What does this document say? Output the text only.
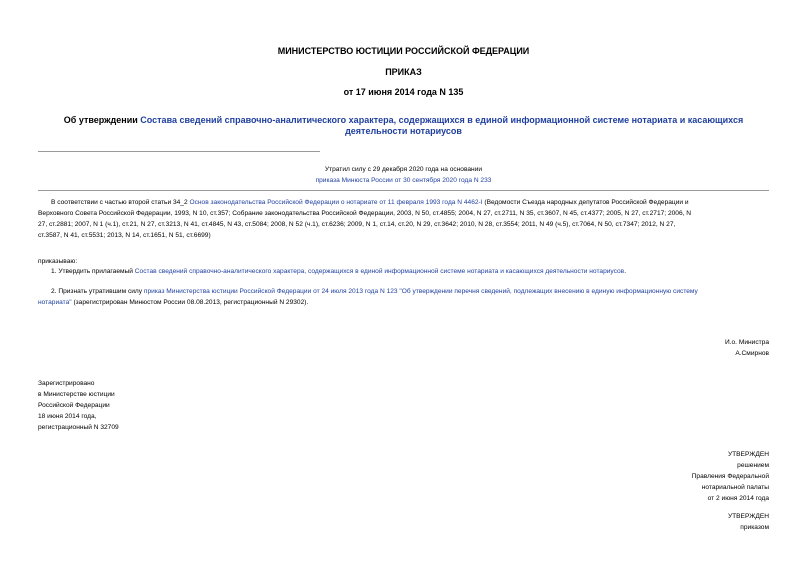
МИНИСТЕРСТВО ЮСТИЦИИ РОССИЙСКОЙ ФЕДЕРАЦИИ
ПРИКАЗ
от 17 июня 2014 года N 135
Об утверждении Состава сведений справочно-аналитического характера, содержащихся в единой информационной системе нотариата и касающихся
деятельности нотариусов
Утратил силу с 29 декабря 2020 года на основании
приказа Минюста России от 30 сентября 2020 года N 233
В соответствии с частью второй статьи 34_2 Основ законодательства Российской Федерации о нотариате от 11 февраля 1993 года N 4462-I (Ведомости Съезда народных депутатов Российской Федерации и
Верховного Совета Российской Федерации, 1993, N 10, ст.357; Собрание законодательства Российской Федерации, 2003, N 50, ст.4855; 2004, N 27, ст.2711, N 35, ст.3607, N 45, ст.4377; 2005, N 27, ст.2717; 2006, N
27, ст.2881; 2007, N 1 (ч.1), ст.21, N 27, ст.3213, N 41, ст.4845, N 43, ст.5084; 2008, N 52 (ч.1), ст.6236; 2009, N 1, ст.14, ст.20, N 29, ст.3642; 2010, N 28, ст.3554; 2011, N 49 (ч.5), ст.7064, N 50, ст.7347; 2012, N 27,
ст.3587, N 41, ст.5531; 2013, N 14, ст.1651, N 51, ст.6699)
приказываю:
1. Утвердить прилагаемый Состав сведений справочно-аналитического характера, содержащихся в единой информационной системе нотариата и касающихся деятельности нотариусов.
2. Признать утратившим силу приказ Министерства юстиции Российской Федерации от 24 июля 2013 года N 123 "Об утверждении перечня сведений, подлежащих внесению в единую информационную систему
нотариата" (зарегистрирован Минюстом России 08.08.2013, регистрационный N 29302).
И.о. Министра
А.Смирнов
Зарегистрировано
в Министерстве юстиции
Российской Федерации
18 июня 2014 года,
регистрационный N 32709
УТВЕРЖДЕН
решением
Правления Федеральной
нотариальной палаты
от 2 июня 2014 года
УТВЕРЖДЕН
приказом
